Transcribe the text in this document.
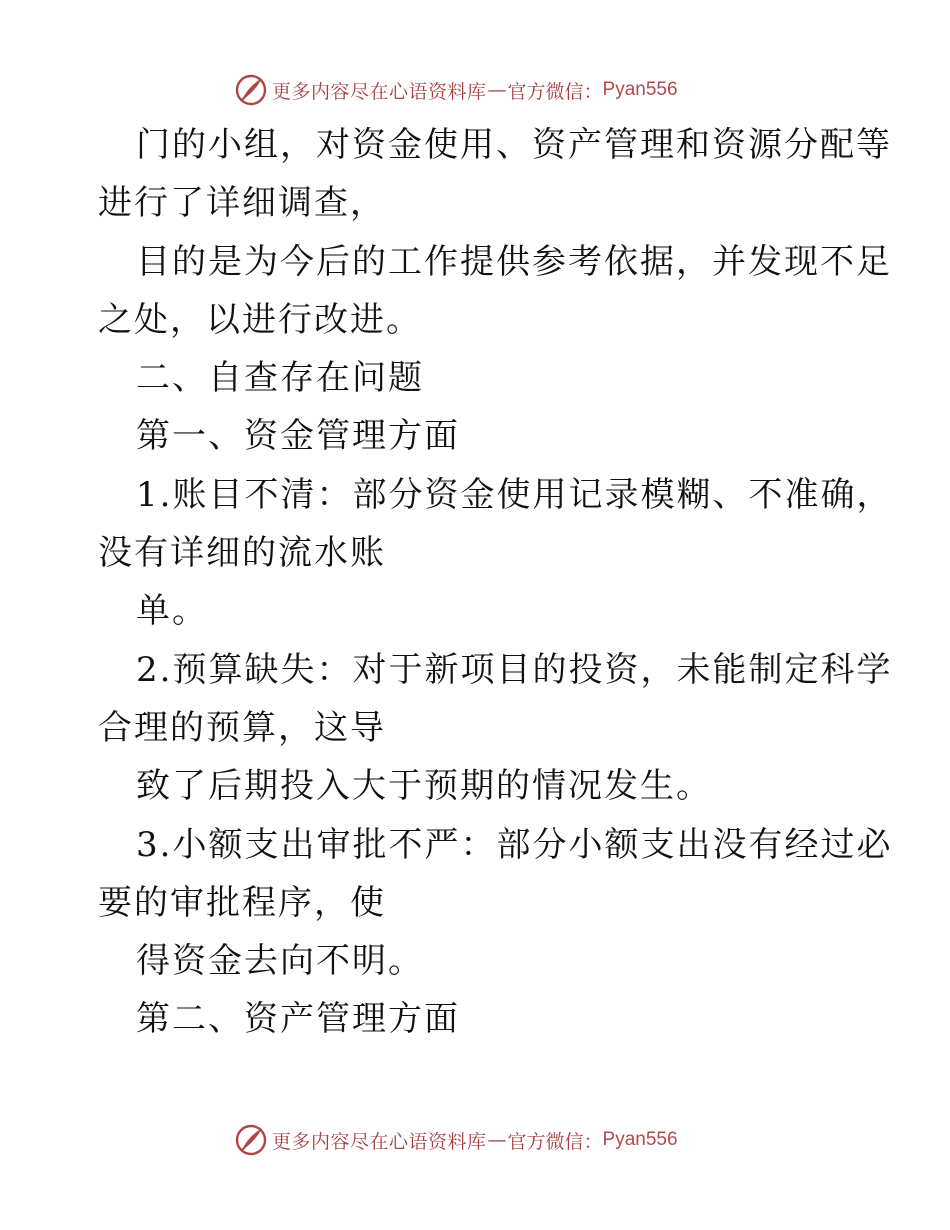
更多内容尽在心语资料库 — 官方微信： Pyan556
门的小组，对资金使用、资产管理和资源分配等
进行了详细调查，
目的是为今后的工作提供参考依据，并发现不足
之处，以进行改进。
二、自查存在问题
第一、资金管理方面
1.账目不清：部分资金使用记录模糊、不准确，
没有详细的流水账
单。
2.预算缺失：对于新项目的投资，未能制定科学
合理的预算，这导
致了后期投入大于预期的情况发生。
3.小额支出审批不严：部分小额支出没有经过必
要的审批程序，使
得资金去向不明。
第二、资产管理方面
更多内容尽在心语资料库 — 官方微信： Pyan556
